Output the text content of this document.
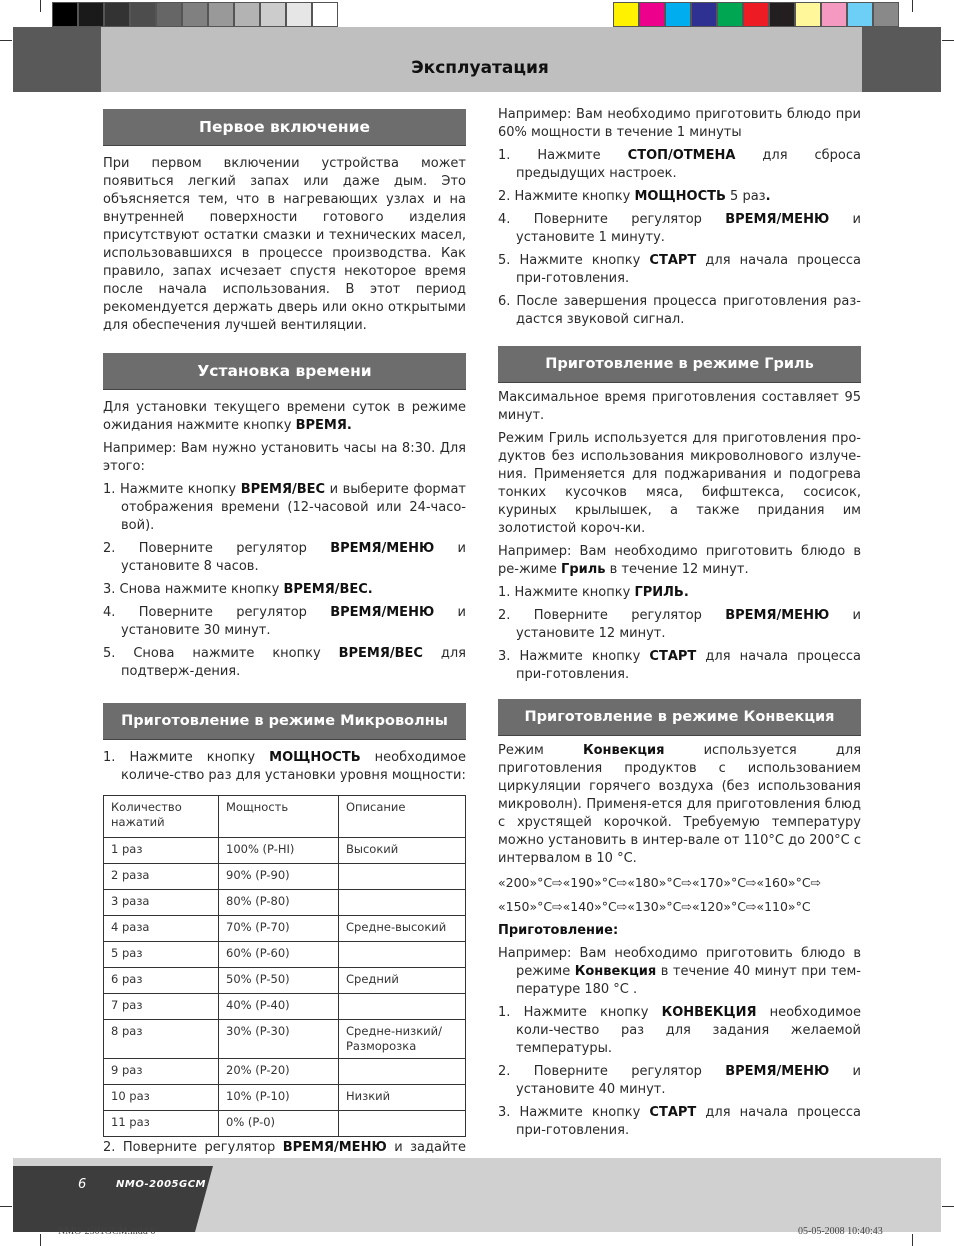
Эксплуатация
Первое включение

При первом включении устройства может появиться легкий запах или даже дым. Это объясняется тем, что в нагревающих узлах и на внутренней поверхности готового изделия присутствуют остатки смазки и технических масел, использовавшихся в процессе производства. Как правило, запах исчезает спустя некоторое время после начала использования. В этот период рекомендуется держать дверь или окно открытыми для обеспечения лучшей вентиляции.

Установка времени

Для установки текущего времени суток в режиме ожидания нажмите кнопку ВРЕМЯ.

Например: Вам нужно установить часы на 8:30. Для этого:

1. Нажмите кнопку ВРЕМЯ/ВЕС и выберите формат отображения времени (12-часовой или 24-часо-вой).
2. Поверните регулятор ВРЕМЯ/МЕНЮ и установите 8 часов.
3. Снова нажмите кнопку ВРЕМЯ/ВЕС.
4. Поверните регулятор ВРЕМЯ/МЕНЮ и установите 30 минут.
5. Снова нажмите кнопку ВРЕМЯ/ВЕС для подтверж-дения.
Приготовление в режиме Микроволны
1. Нажмите кнопку МОЩНОСТЬ необходимое количе-ство раз для установки уровня мощности:
Количество нажатий	Мощность	Описание
1 раз	100% (P-HI)	Высокий
2 раза	90% (P-90)	
3 раза	80% (P-80)	
4 раза	70% (P-70)	Средне-высокий
5 раз	60% (P-60)	
6 раз	50% (P-50)	Средний
7 раз	40% (P-40)	
8 раз	30% (P-30)	Средне-низкий/ Разморозка
9 раз	20% (P-20)	
10 раз	10% (P-10)	Низкий
11 раз	0% (P-0)	
2. Поверните регулятор ВРЕМЯ/МЕНЮ и задайте

Например: Вам необходимо приготовить блюдо при 60% мощности в течение 1 минуты

1. Нажмите СТОП/ОТМЕНА для сброса предыдущих настроек.
2. Нажмите кнопку МОЩНОСТЬ 5 раз.
4. Поверните регулятор ВРЕМЯ/МЕНЮ и установите 1 минуту.
5. Нажмите кнопку СТАРТ для начала процесса при-готовления.
6. После завершения процесса приготовления раз-дастся звуковой сигнал.
Приготовление в режиме Гриль

Максимальное время приготовления составляет 95 минут.

Режим Гриль используется для приготовления про-дуктов без использования микроволнового излуче-ния. Применяется для поджаривания и подогрева тонких кусочков мяса, бифштекса, сосисок, куриных крылышек, а также придания им золотистой короч-ки.

Например: Вам необходимо приготовить блюдо в ре-жиме Гриль в течение 12 минут.

1. Нажмите кнопку ГРИЛЬ.
2. Поверните регулятор ВРЕМЯ/МЕНЮ и установите 12 минут.
3. Нажмите кнопку СТАРТ для начала процесса при-готовления.
Приготовление в режиме Конвекция

Режим Конвекция используется для приготовления продуктов с использованием циркуляции горячего воздуха (без использования микроволн). Применя-ется для приготовления блюд с хрустящей корочкой. Требуемую температуру можно установить в интер-вале от 110°С до 200°С с интервалом в 10 °С.

«200»°С⇨«190»°С⇨«180»°С⇨«170»°С⇨«160»°С⇨

«150»°С⇨«140»°С⇨«130»°С⇨«120»°С⇨«110»°С

Приготовление:

Например: Вам необходимо приготовить блюдо в режиме Конвекция в течение 40 минут при тем-пературе 180 °С .
1. Нажмите кнопку КОНВЕКЦИЯ необходимое коли-чество раз для задания желаемой температуры.
2. Поверните регулятор ВРЕМЯ/МЕНЮ и установите 40 минут.
3. Нажмите кнопку СТАРТ для начала процесса при-готовления.
6	NMO-2005GCM
NMO-2501GCM.indd 6	05-05-2008 10:40:43
